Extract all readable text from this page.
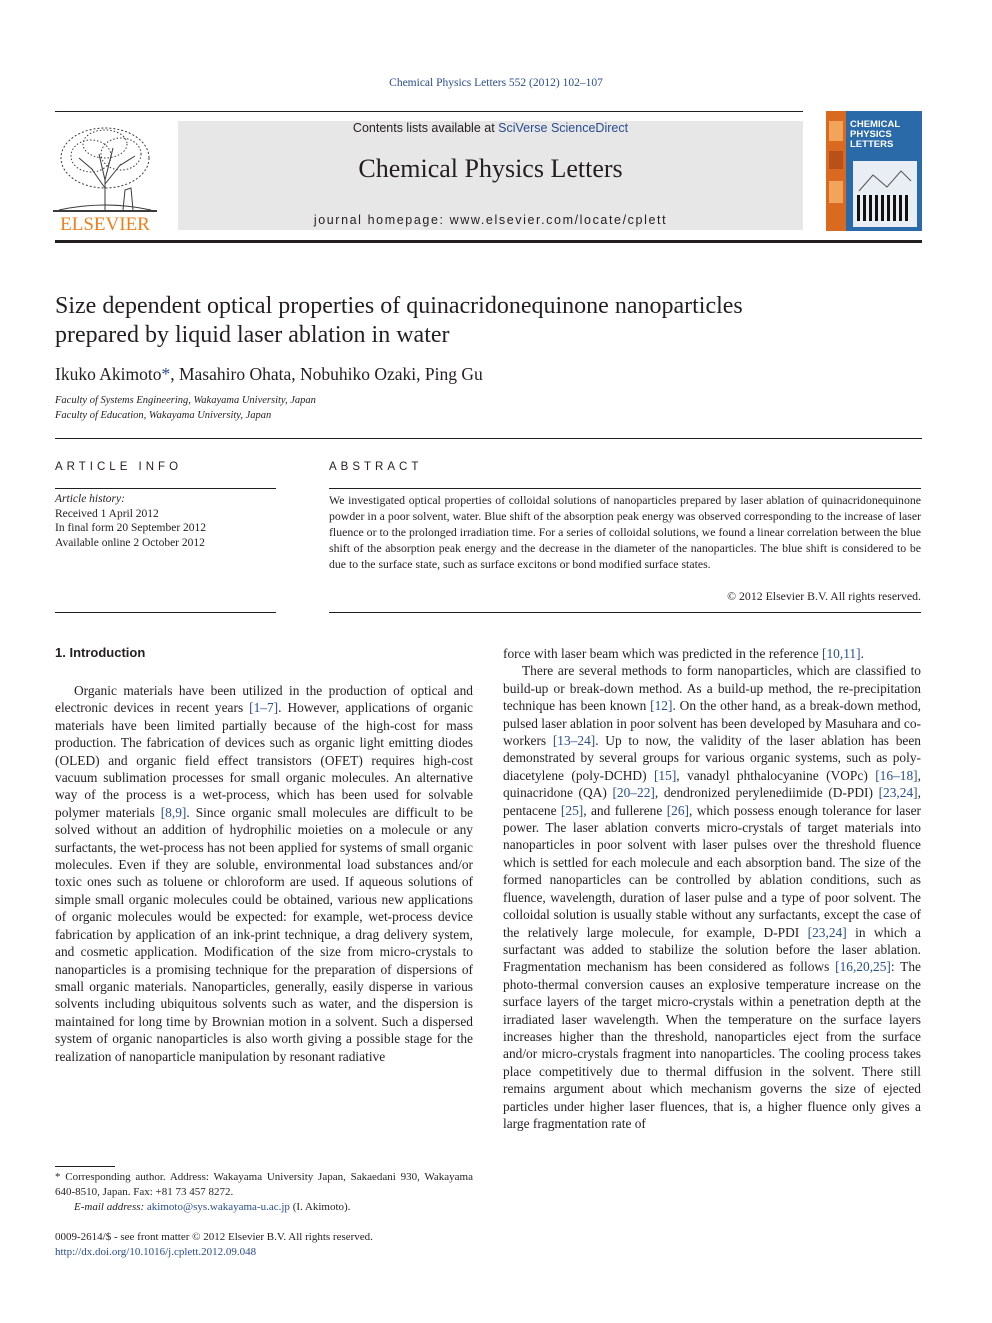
Chemical Physics Letters 552 (2012) 102–107
ELSEVIER
Contents lists available at SciVerse ScienceDirect
Chemical Physics Letters
journal homepage: www.elsevier.com/locate/cplett
CHEMICAL
PHYSICS
LETTERS
Size dependent optical properties of quinacridonequinone nanoparticles
prepared by liquid laser ablation in water
Ikuko Akimoto*, Masahiro Ohata, Nobuhiko Ozaki, Ping Gu
Faculty of Systems Engineering, Wakayama University, Japan
Faculty of Education, Wakayama University, Japan
ARTICLE INFO
Article history:
Received 1 April 2012
In final form 20 September 2012
Available online 2 October 2012
ABSTRACT
We investigated optical properties of colloidal solutions of nanoparticles prepared by laser ablation of quinacridonequinone powder in a poor solvent, water. Blue shift of the absorption peak energy was observed corresponding to the increase of laser fluence or to the prolonged irradiation time. For a series of colloidal solutions, we found a linear correlation between the blue shift of the absorption peak energy and the decrease in the diameter of the nanoparticles. The blue shift is considered to be due to the surface state, such as surface excitons or bond modified surface states.
© 2012 Elsevier B.V. All rights reserved.
1. Introduction

Organic materials have been utilized in the production of optical and electronic devices in recent years [1–7]. However, applications of organic materials have been limited partially because of the high-cost for mass production. The fabrication of devices such as organic light emitting diodes (OLED) and organic field effect transistors (OFET) requires high-cost vacuum sublimation processes for small organic molecules. An alternative way of the process is a wet-process, which has been used for solvable polymer materials [8,9]. Since organic small molecules are difficult to be solved without an addition of hydrophilic moieties on a molecule or any surfactants, the wet-process has not been applied for systems of small organic molecules. Even if they are soluble, environmental load substances and/or toxic ones such as toluene or chloroform are used. If aqueous solutions of simple small organic molecules could be obtained, various new applications of organic molecules would be expected: for example, wet-process device fabrication by application of an ink-print technique, a drag delivery system, and cosmetic application. Modification of the size from micro-crystals to nanoparticles is a promising technique for the preparation of dispersions of small organic materials. Nanoparticles, generally, easily disperse in various solvents including ubiquitous solvents such as water, and the dispersion is maintained for long time by Brownian motion in a solvent. Such a dispersed system of organic nanoparticles is also worth giving a possible stage for the realization of nanoparticle manipulation by resonant radiative

force with laser beam which was predicted in the reference [10,11].

There are several methods to form nanoparticles, which are classified to build-up or break-down method. As a build-up method, the re-precipitation technique has been known [12]. On the other hand, as a break-down method, pulsed laser ablation in poor solvent has been developed by Masuhara and co-workers [13–24]. Up to now, the validity of the laser ablation has been demonstrated by several groups for various organic systems, such as poly-diacetylene (poly-DCHD) [15], vanadyl phthalocyanine (VOPc) [16–18], quinacridone (QA) [20–22], dendronized perylenediimide (D-PDI) [23,24], pentacene [25], and fullerene [26], which possess enough tolerance for laser power. The laser ablation converts micro-crystals of target materials into nanoparticles in poor solvent with laser pulses over the threshold fluence which is settled for each molecule and each absorption band. The size of the formed nanoparticles can be controlled by ablation conditions, such as fluence, wavelength, duration of laser pulse and a type of poor solvent. The colloidal solution is usually stable without any surfactants, except the case of the relatively large molecule, for example, D-PDI [23,24] in which a surfactant was added to stabilize the solution before the laser ablation. Fragmentation mechanism has been considered as follows [16,20,25]: The photo-thermal conversion causes an explosive temperature increase on the surface layers of the target micro-crystals within a penetration depth at the irradiated laser wavelength. When the temperature on the surface layers increases higher than the threshold, nanoparticles eject from the surface and/or micro-crystals fragment into nanoparticles. The cooling process takes place competitively due to thermal diffusion in the solvent. There still remains argument about which mechanism governs the size of ejected particles under higher laser fluences, that is, a higher fluence only gives a large fragmentation rate of

* Corresponding author. Address: Wakayama University Japan, Sakaedani 930, Wakayama 640-8510, Japan. Fax: +81 73 457 8272.
E-mail address: akimoto@sys.wakayama-u.ac.jp (I. Akimoto).
0009-2614/$ - see front matter © 2012 Elsevier B.V. All rights reserved.
http://dx.doi.org/10.1016/j.cplett.2012.09.048
